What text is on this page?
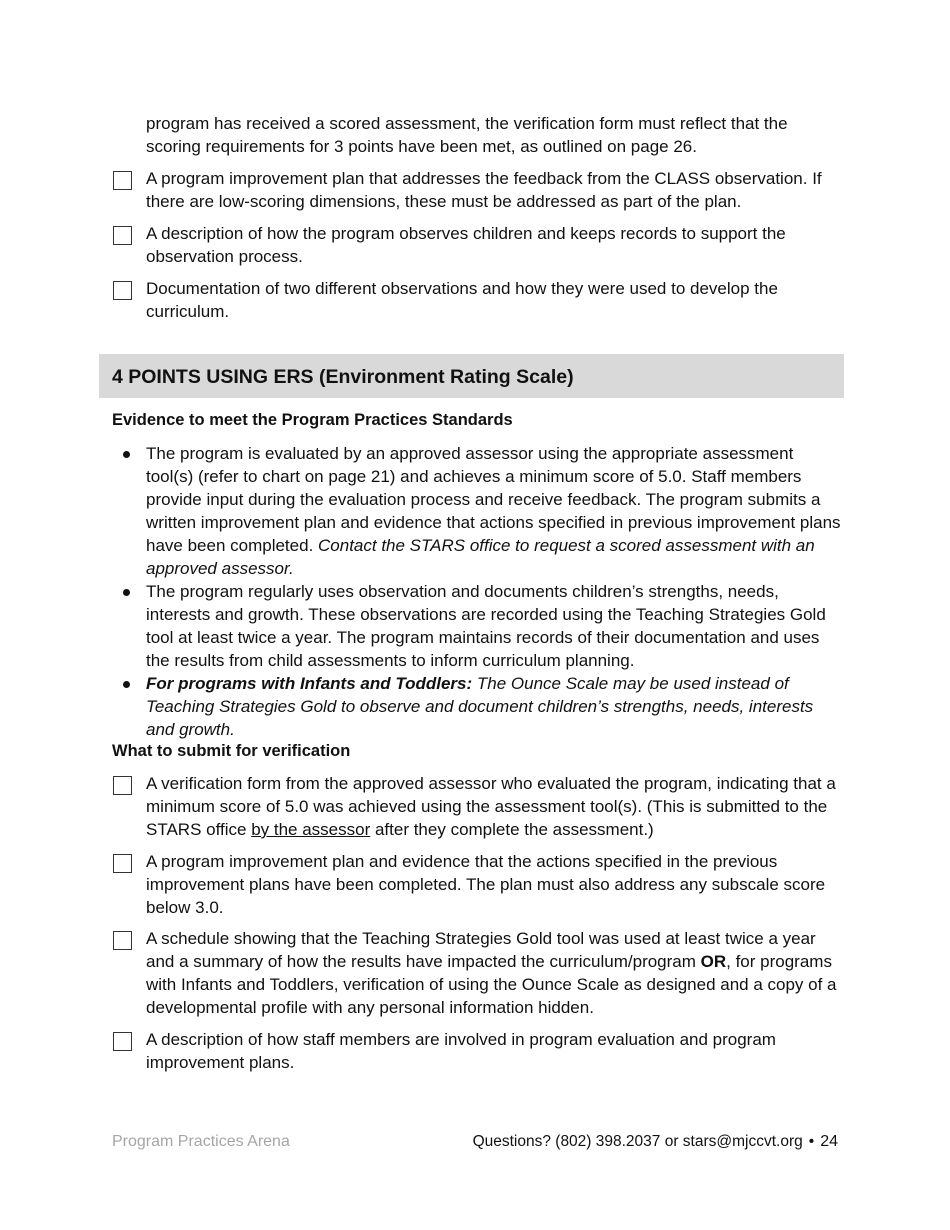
program has received a scored assessment, the verification form must reflect that the scoring requirements for 3 points have been met, as outlined on page 26.
A program improvement plan that addresses the feedback from the CLASS observation. If there are low-scoring dimensions, these must be addressed as part of the plan.
A description of how the program observes children and keeps records to support the observation process.
Documentation of two different observations and how they were used to develop the curriculum.
4 POINTS USING ERS (Environment Rating Scale)
Evidence to meet the Program Practices Standards
The program is evaluated by an approved assessor using the appropriate assessment tool(s) (refer to chart on page 21) and achieves a minimum score of 5.0. Staff members provide input during the evaluation process and receive feedback. The program submits a written improvement plan and evidence that actions specified in previous improvement plans have been completed. Contact the STARS office to request a scored assessment with an approved assessor.
The program regularly uses observation and documents children’s strengths, needs, interests and growth. These observations are recorded using the Teaching Strategies Gold tool at least twice a year. The program maintains records of their documentation and uses the results from child assessments to inform curriculum planning.
For programs with Infants and Toddlers: The Ounce Scale may be used instead of Teaching Strategies Gold to observe and document children’s strengths, needs, interests and growth.
What to submit for verification
A verification form from the approved assessor who evaluated the program, indicating that a minimum score of 5.0 was achieved using the assessment tool(s). (This is submitted to the STARS office by the assessor after they complete the assessment.)
A program improvement plan and evidence that the actions specified in the previous improvement plans have been completed. The plan must also address any subscale score below 3.0.
A schedule showing that the Teaching Strategies Gold tool was used at least twice a year and a summary of how the results have impacted the curriculum/program OR, for programs with Infants and Toddlers, verification of using the Ounce Scale as designed and a copy of a developmental profile with any personal information hidden.
A description of how staff members are involved in program evaluation and program improvement plans.
Program Practices Arena	Questions? (802) 398.2037 or stars@mjccvt.org • 24
